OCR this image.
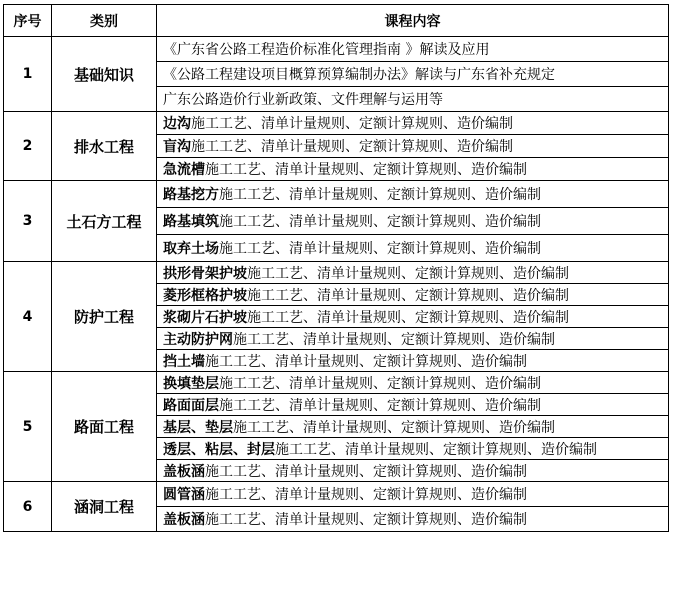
序号	类别	课程内容
1	基础知识	《广东省公路工程造价标准化管理指南 》解读及应用
		《公路工程建设项目概算预算编制办法》解读与广东省补充规定
		广东公路造价行业新政策、文件理解与运用等
2	排水工程	边沟施工工艺、清单计量规则、定额计算规则、造价编制
		盲沟施工工艺、清单计量规则、定额计算规则、造价编制
		急流槽施工工艺、清单计量规则、定额计算规则、造价编制
3	土石方工程	路基挖方施工工艺、清单计量规则、定额计算规则、造价编制
		路基填筑施工工艺、清单计量规则、定额计算规则、造价编制
		取弃土场施工工艺、清单计量规则、定额计算规则、造价编制
4	防护工程	拱形骨架护坡施工工艺、清单计量规则、定额计算规则、造价编制
		菱形框格护坡施工工艺、清单计量规则、定额计算规则、造价编制
		浆砌片石护坡施工工艺、清单计量规则、定额计算规则、造价编制
		主动防护网施工工艺、清单计量规则、定额计算规则、造价编制
		挡土墙施工工艺、清单计量规则、定额计算规则、造价编制
5	路面工程	换填垫层施工工艺、清单计量规则、定额计算规则、造价编制
		路面面层施工工艺、清单计量规则、定额计算规则、造价编制
		基层、垫层施工工艺、清单计量规则、定额计算规则、造价编制
		透层、粘层、封层施工工艺、清单计量规则、定额计算规则、造价编制
		盖板涵施工工艺、清单计量规则、定额计算规则、造价编制
6	涵洞工程	圆管涵施工工艺、清单计量规则、定额计算规则、造价编制
		盖板涵施工工艺、清单计量规则、定额计算规则、造价编制
